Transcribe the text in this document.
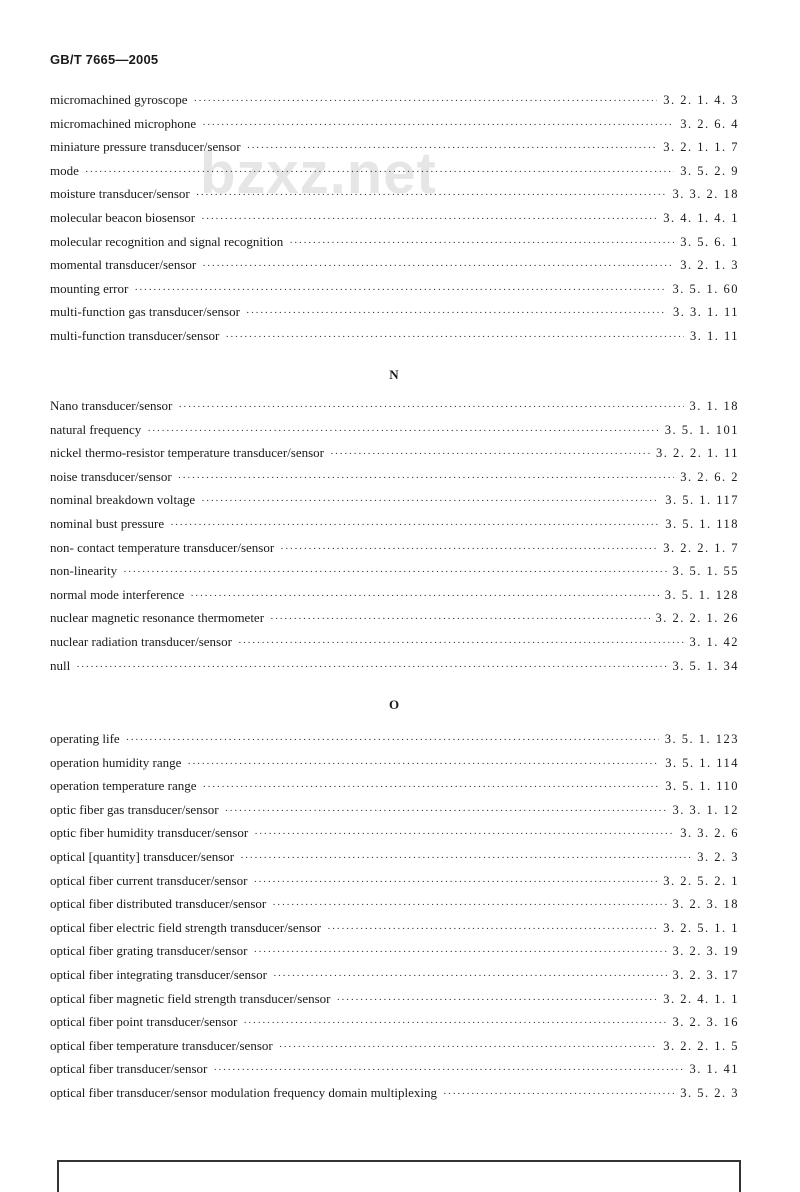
GB/T 7665—2005
bzxz.net
micromachined gyroscope ·····	3. 2. 1. 4. 3
micromachined microphone ·····	3. 2. 6. 4
miniature pressure transducer/sensor ·····	3. 2. 1. 1. 7
mode ·····	3. 5. 2. 9
moisture transducer/sensor ·····	3. 3. 2. 18
molecular beacon biosensor ·····	3. 4. 1. 4. 1
molecular recognition and signal recognition ·····	3. 5. 6. 1
momental transducer/sensor ·····	3. 2. 1. 3
mounting error ·····	3. 5. 1. 60
multi-function gas transducer/sensor ·····	3. 3. 1. 11
multi-function transducer/sensor ·····	3. 1. 11
N
Nano transducer/sensor ·····	3. 1. 18
natural frequency ·····	3. 5. 1. 101
nickel thermo-resistor temperature transducer/sensor ·····	3. 2. 2. 1. 11
noise transducer/sensor ·····	3. 2. 6. 2
nominal breakdown voltage ·····	3. 5. 1. 117
nominal bust pressure ·····	3. 5. 1. 118
non- contact temperature transducer/sensor ·····	3. 2. 2. 1. 7
non-linearity ·····	3. 5. 1. 55
normal mode interference ·····	3. 5. 1. 128
nuclear magnetic resonance thermometer ·····	3. 2. 2. 1. 26
nuclear radiation transducer/sensor ·····	3. 1. 42
null ·····	3. 5. 1. 34
O
operating life ·····	3. 5. 1. 123
operation humidity range ·····	3. 5. 1. 114
operation temperature range ·····	3. 5. 1. 110
optic fiber gas transducer/sensor ·····	3. 3. 1. 12
optic fiber humidity transducer/sensor ·····	3. 3. 2. 6
optical [quantity] transducer/sensor ·····	3. 2. 3
optical fiber current transducer/sensor ·····	3. 2. 5. 2. 1
optical fiber distributed transducer/sensor ·····	3. 2. 3. 18
optical fiber electric field strength transducer/sensor ·····	3. 2. 5. 1. 1
optical fiber grating transducer/sensor ·····	3. 2. 3. 19
optical fiber integrating transducer/sensor ·····	3. 2. 3. 17
optical fiber magnetic field strength transducer/sensor ·····	3. 2. 4. 1. 1
optical fiber point transducer/sensor ·····	3. 2. 3. 16
optical fiber temperature transducer/sensor ·····	3. 2. 2. 1. 5
optical fiber transducer/sensor ·····	3. 1. 41
optical fiber transducer/sensor modulation frequency domain multiplexing ·····	3. 5. 2. 3
